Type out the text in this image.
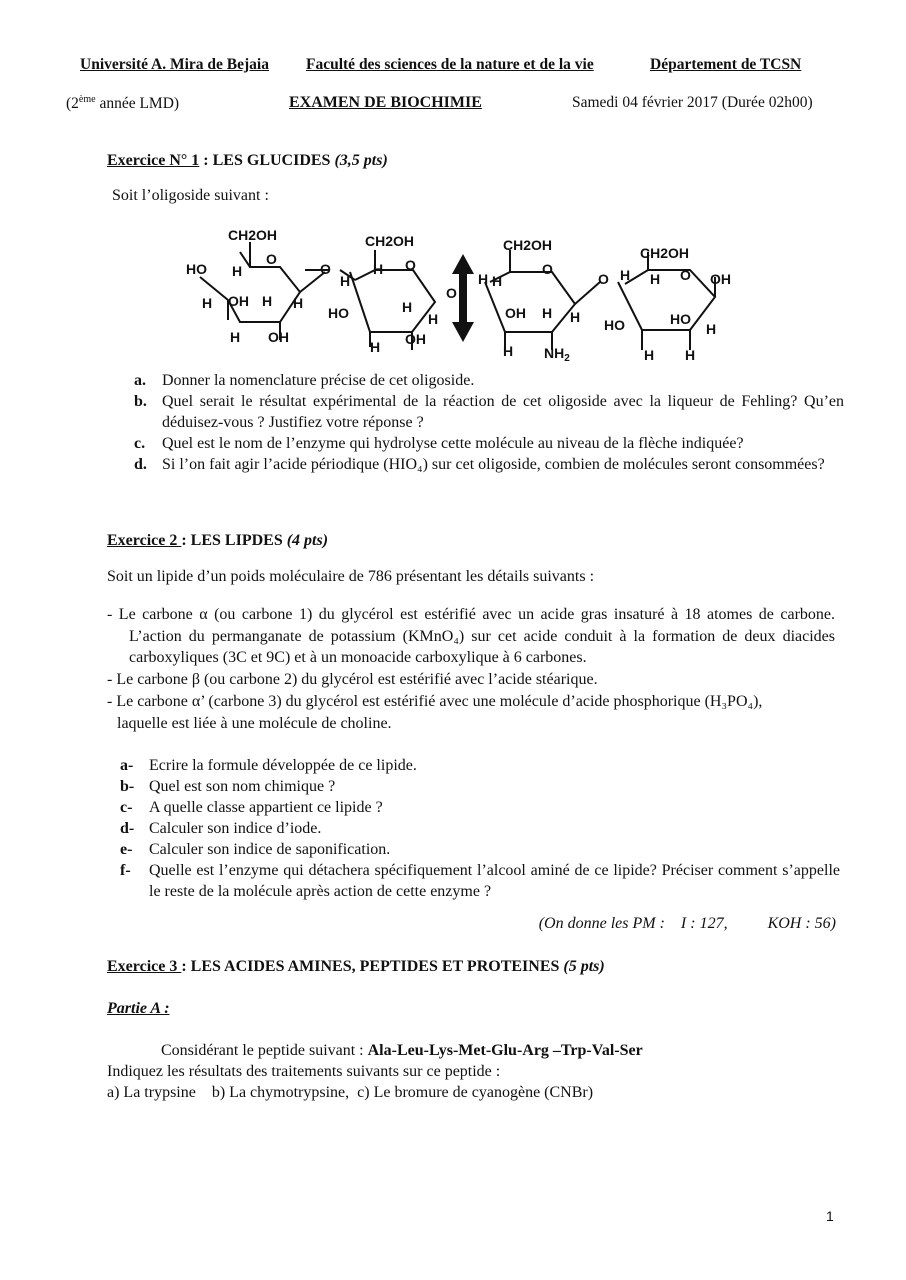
Université A. Mira de Bejaia Faculté des sciences de la nature et de la vie	Département de TCSN
(2ème année LMD)	EXAMEN DE BIOCHIMIE	Samedi 04 février 2017 (Durée 02h00)
Exercice N° 1 : LES GLUCIDES (3,5 pts)
Soit l’oligoside suivant :
CH2OH	CH2OH	CH2OH	CH2OH
HO H
O
H OH H H
H OH
O	H O
H
HO	H
H
H OH
O
H H
O
OH H H
H $NH_2$
O H H O OH
HO	HO
H
H H
a. Donner la nomenclature précise de cet oligoside.
b. Quel serait le résultat expérimental de la réaction de cet oligoside avec la liqueur de Fehling? Qu’en déduisez-vous ? Justifiez votre réponse ?
c. Quel est le nom de l’enzyme qui hydrolyse cette molécule au niveau de la flèche indiquée?
d. Si l’on fait agir l’acide périodique (HIO₄) sur cet oligoside, combien de molécules seront consommées?
Exercice 2 : LES LIPDES (4 pts)
Soit un lipide d’un poids moléculaire de 786 présentant les détails suivants :
- Le carbone α (ou carbone 1) du glycérol est estérifié avec un acide gras insaturé à 18 atomes de carbone. L’action du permanganate de potassium (KMnO₄) sur cet acide conduit à la formation de deux diacides carboxyliques (3C et 9C) et à un monoacide carboxylique à 6 carbones.
- Le carbone β (ou carbone 2) du glycérol est estérifié avec l’acide stéarique.
- Le carbone α’ (carbone 3) du glycérol est estérifié avec une molécule d’acide phosphorique (H₃PO₄), laquelle est liée à une molécule de choline.
a- Ecrire la formule développée de ce lipide.
b- Quel est son nom chimique ?
c- A quelle classe appartient ce lipide ?
d- Calculer son indice d’iode.
e- Calculer son indice de saponification.
f- Quelle est l’enzyme qui détachera spécifiquement l’alcool aminé de ce lipide? Préciser comment s’appelle le reste de la molécule après action de cette enzyme ?
(On donne les PM :    I : 127,          KOH : 56)
Exercice 3 : LES ACIDES AMINES, PEPTIDES ET PROTEINES (5 pts)
Partie A :
Considérant le peptide suivant : Ala-Leu-Lys-Met-Glu-Arg –Trp-Val-Ser
Indiquez les résultats des traitements suivants sur ce peptide :
a) La trypsine    b) La chymotrypsine,  c) Le bromure de cyanogène (CNBr)
1
